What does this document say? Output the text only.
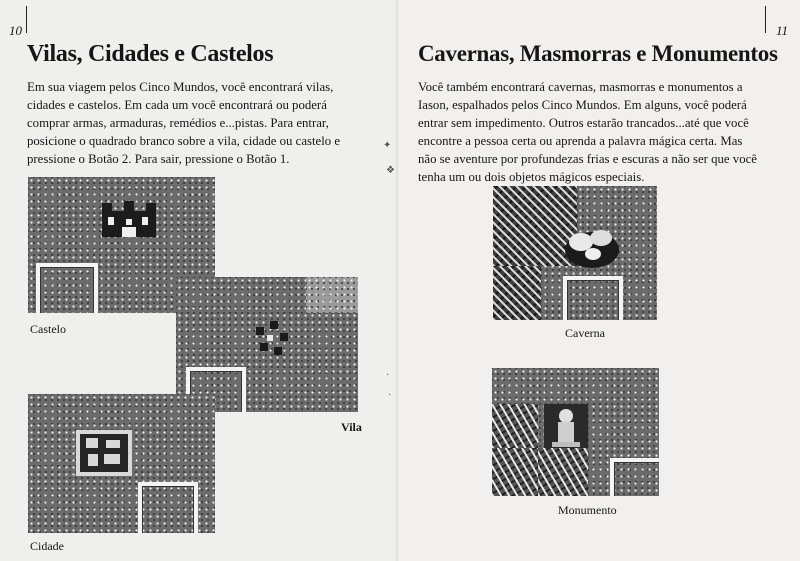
10
Vilas, Cidades e Castelos

Em sua viagem pelos Cinco Mundos, você encontrará vilas, cidades e castelos. Em cada um você encontrará ou poderá comprar armas, armaduras, remédios e...pistas. Para entrar, posicione o quadrado branco sobre a vila, cidade ou castelo e pressione o Botão 2. Para sair, pressione o Botão 1.

Castelo
Vila
Cidade
✦
❖
·
·
11
Cavernas, Masmorras e Monumentos

Você também encontrará cavernas, masmorras e monumentos a Iason, espalhados pelos Cinco Mundos. Em alguns, você poderá entrar sem impedimento. Outros estarão trancados...até que você encontre a pessoa certa ou aprenda a palavra mágica certa. Mas não se aventure por profundezas frias e escuras a não ser que você tenha um ou dois objetos mágicos especiais.

Caverna
Monumento
